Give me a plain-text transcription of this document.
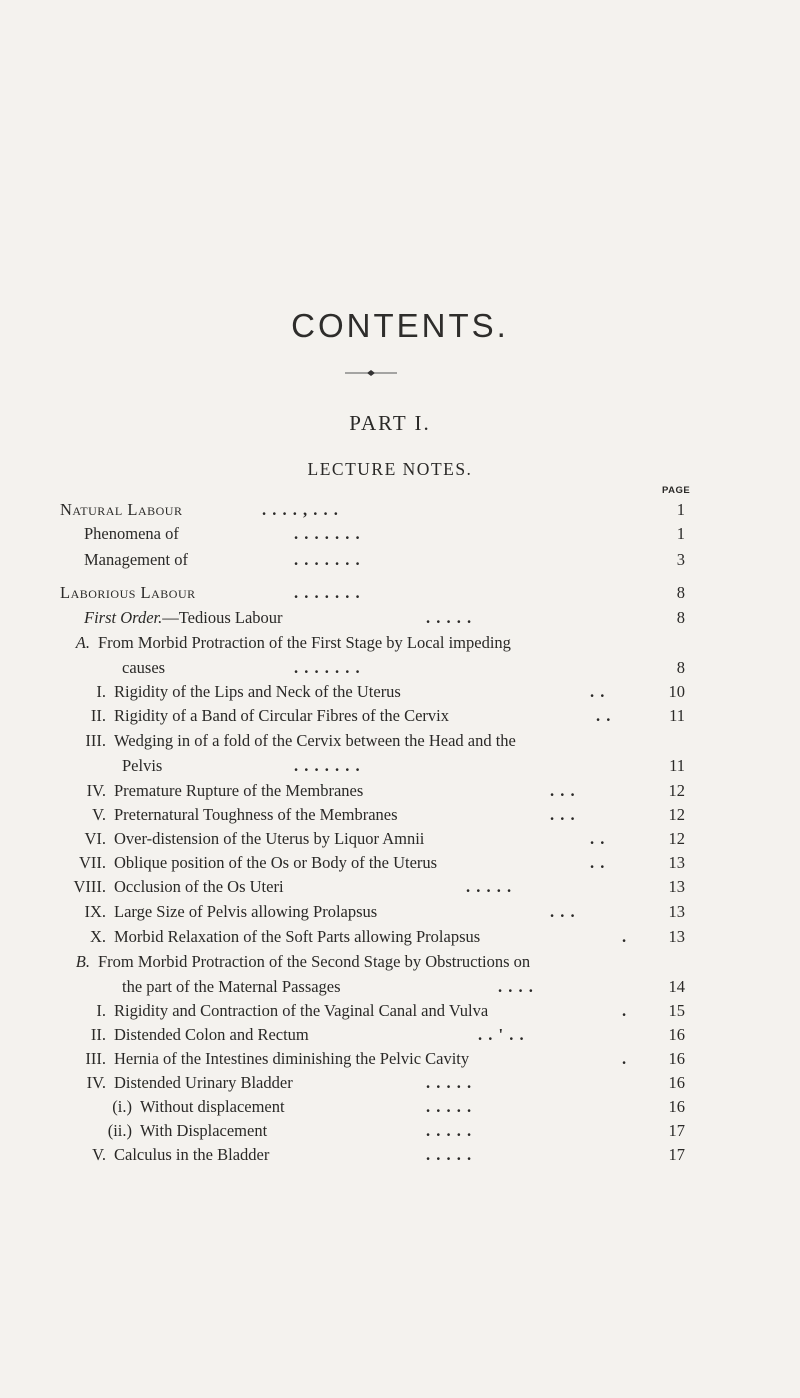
CONTENTS.
PART I.
LECTURE NOTES.
PAGE
Natural Labour	. . . . , . . .	1
Phenomena of	. . . . . . .	1
Management of	. . . . . . .	3
Laborious Labour	. . . . . . .	8
First Order.—Tedious Labour	. . . . .	8
A. From Morbid Protraction of the First Stage by Local impeding
causes	. . . . . . .	8
I. Rigidity of the Lips and Neck of the Uterus	. .	10
II. Rigidity of a Band of Circular Fibres of the Cervix	. .	11
III. Wedging in of a fold of the Cervix between the Head and the
Pelvis	. . . . . . .	11
IV. Premature Rupture of the Membranes	. . .	12
V. Preternatural Toughness of the Membranes	. . .	12
VI. Over-distension of the Uterus by Liquor Amnii	. .	12
VII. Oblique position of the Os or Body of the Uterus	. .	13
VIII. Occlusion of the Os Uteri	. . . . .	13
IX. Large Size of Pelvis allowing Prolapsus	. . .	13
X. Morbid Relaxation of the Soft Parts allowing Prolapsus	.	13
B. From Morbid Protraction of the Second Stage by Obstructions on
the part of the Maternal Passages	. . . .	14
I. Rigidity and Contraction of the Vaginal Canal and Vulva	.	15
II. Distended Colon and Rectum	. . ' . .	16
III. Hernia of the Intestines diminishing the Pelvic Cavity	.	16
IV. Distended Urinary Bladder	. . . . .	16
(i.) Without displacement	. . . . .	16
(ii.) With Displacement	. . . . .	17
V. Calculus in the Bladder	. . . . .	17
